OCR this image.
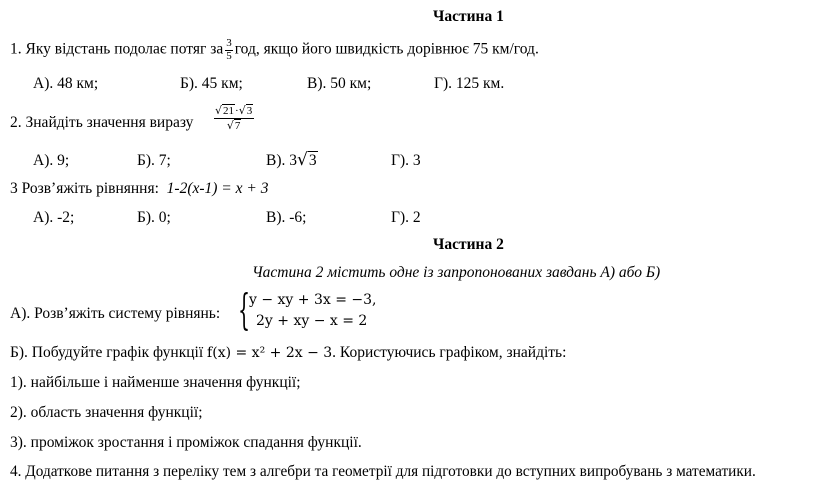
Частина 1
1. Яку відстань подолає потяг за $\frac{3}{5}$ год, якщо його швидкість дорівнює 75 км/год.
А). 48 км;	Б). 45 км;	В). 50 км;	Г). 125 км.
2. Знайдіть значення виразу $\frac{√21\cdot√3}{√7}$
А). 9;	Б). 7;	В). 3√3	Г). 3
3 Розв’яжіть рівняння: 1-2(х-1) = х + 3
А). -2;	Б). 0;	В). -6;	Г). 2
Частина 2
Частина 2 містить одне із запропонованих завдань А) або Б)
А). Розв’яжіть систему рівнянь: {
y − xy + 3x = −3,
2y + xy − x = 2
Б). Побудуйте графік функції f(x) = x² + 2x − 3. Користуючись графіком, знайдіть:
1). найбільше і найменше значення функції;
2). область значення функції;
3). проміжок зростання і проміжок спадання функції.
4. Додаткове питання з переліку тем з алгебри та геометрії для підготовки до вступних випробувань з математики.
